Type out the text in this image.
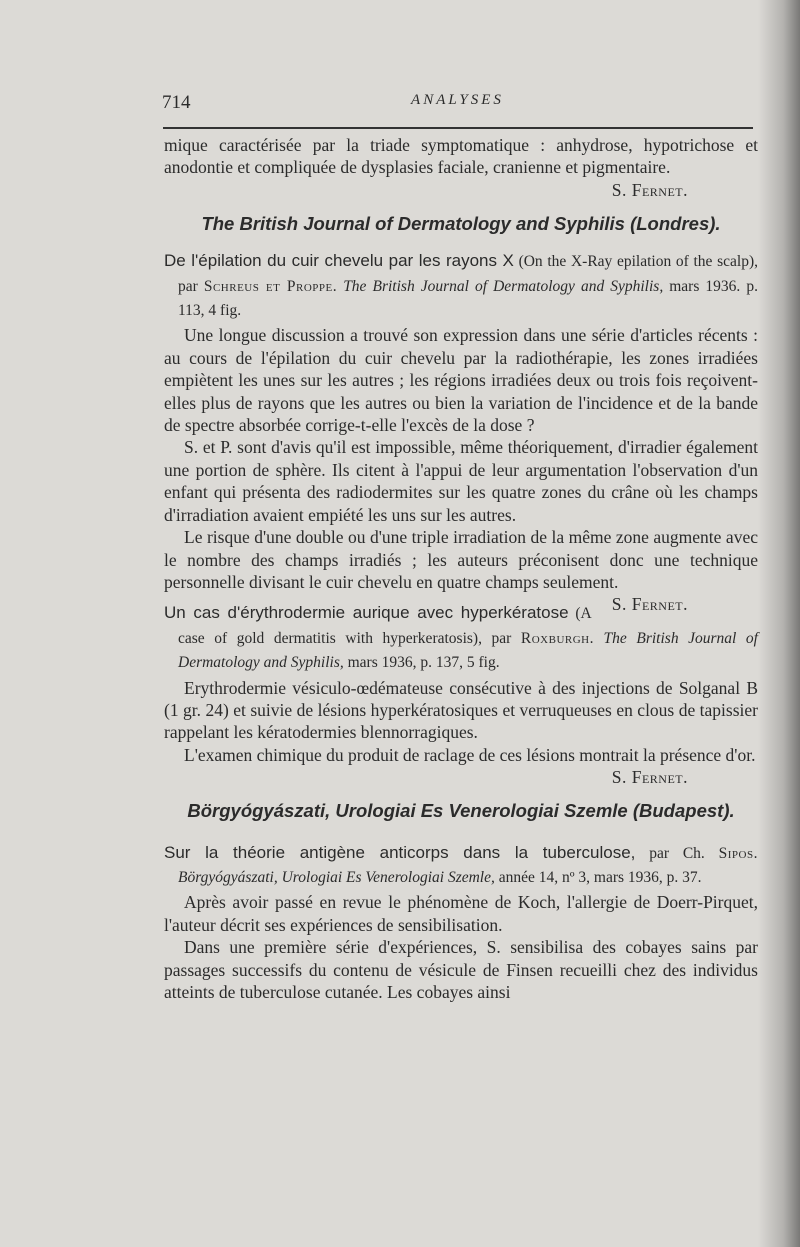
714	ANALYSES

mique caractérisée par la triade symptomatique : anhydrose, hypotrichose et anodontie et compliquée de dysplasies faciale, cranienne et pigmentaire.
S. Fernet.

The British Journal of Dermatology and Syphilis (Londres).

De l'épilation du cuir chevelu par les rayons X (On the X-Ray epilation of the scalp), par Schreus et Proppe. The British Journal of Dermatology and Syphilis, mars 1936. p. 113, 4 fig.

Une longue discussion a trouvé son expression dans une série d'articles récents : au cours de l'épilation du cuir chevelu par la radiothérapie, les zones irradiées empiètent les unes sur les autres ; les régions irradiées deux ou trois fois reçoivent-elles plus de rayons que les autres ou bien la variation de l'incidence et de la bande de spectre absorbée corrige-t-elle l'excès de la dose ?

S. et P. sont d'avis qu'il est impossible, même théoriquement, d'irradier également une portion de sphère. Ils citent à l'appui de leur argumentation l'observation d'un enfant qui présenta des radiodermites sur les quatre zones du crâne où les champs d'irradiation avaient empiété les uns sur les autres.

Le risque d'une double ou d'une triple irradiation de la même zone augmente avec le nombre des champs irradiés ; les auteurs préconisent donc une technique personnelle divisant le cuir chevelu en quatre champs seulement.
S. Fernet.

Un cas d'érythrodermie aurique avec hyperkératose (A case of gold dermatitis with hyperkeratosis), par Roxburgh. The British Journal of Dermatology and Syphilis, mars 1936, p. 137, 5 fig.

Erythrodermie vésiculo-œdémateuse consécutive à des injections de Solganal B (1 gr. 24) et suivie de lésions hyperkératosiques et verruqueuses en clous de tapissier rappelant les kératodermies blennorragiques.

L'examen chimique du produit de raclage de ces lésions montrait la présence d'or.
S. Fernet.

Börgyógyászati, Urologiai Es Venerologiai Szemle (Budapest).

Sur la théorie antigène anticorps dans la tuberculose, par Ch. Sipos. Börgyógyászati, Urologiai Es Venerologiai Szemle, année 14, nº 3, mars 1936, p. 37.

Après avoir passé en revue le phénomène de Koch, l'allergie de Doerr-Pirquet, l'auteur décrit ses expériences de sensibilisation.

Dans une première série d'expériences, S. sensibilisa des cobayes sains par passages successifs du contenu de vésicule de Finsen recueilli chez des individus atteints de tuberculose cutanée. Les cobayes ainsi
